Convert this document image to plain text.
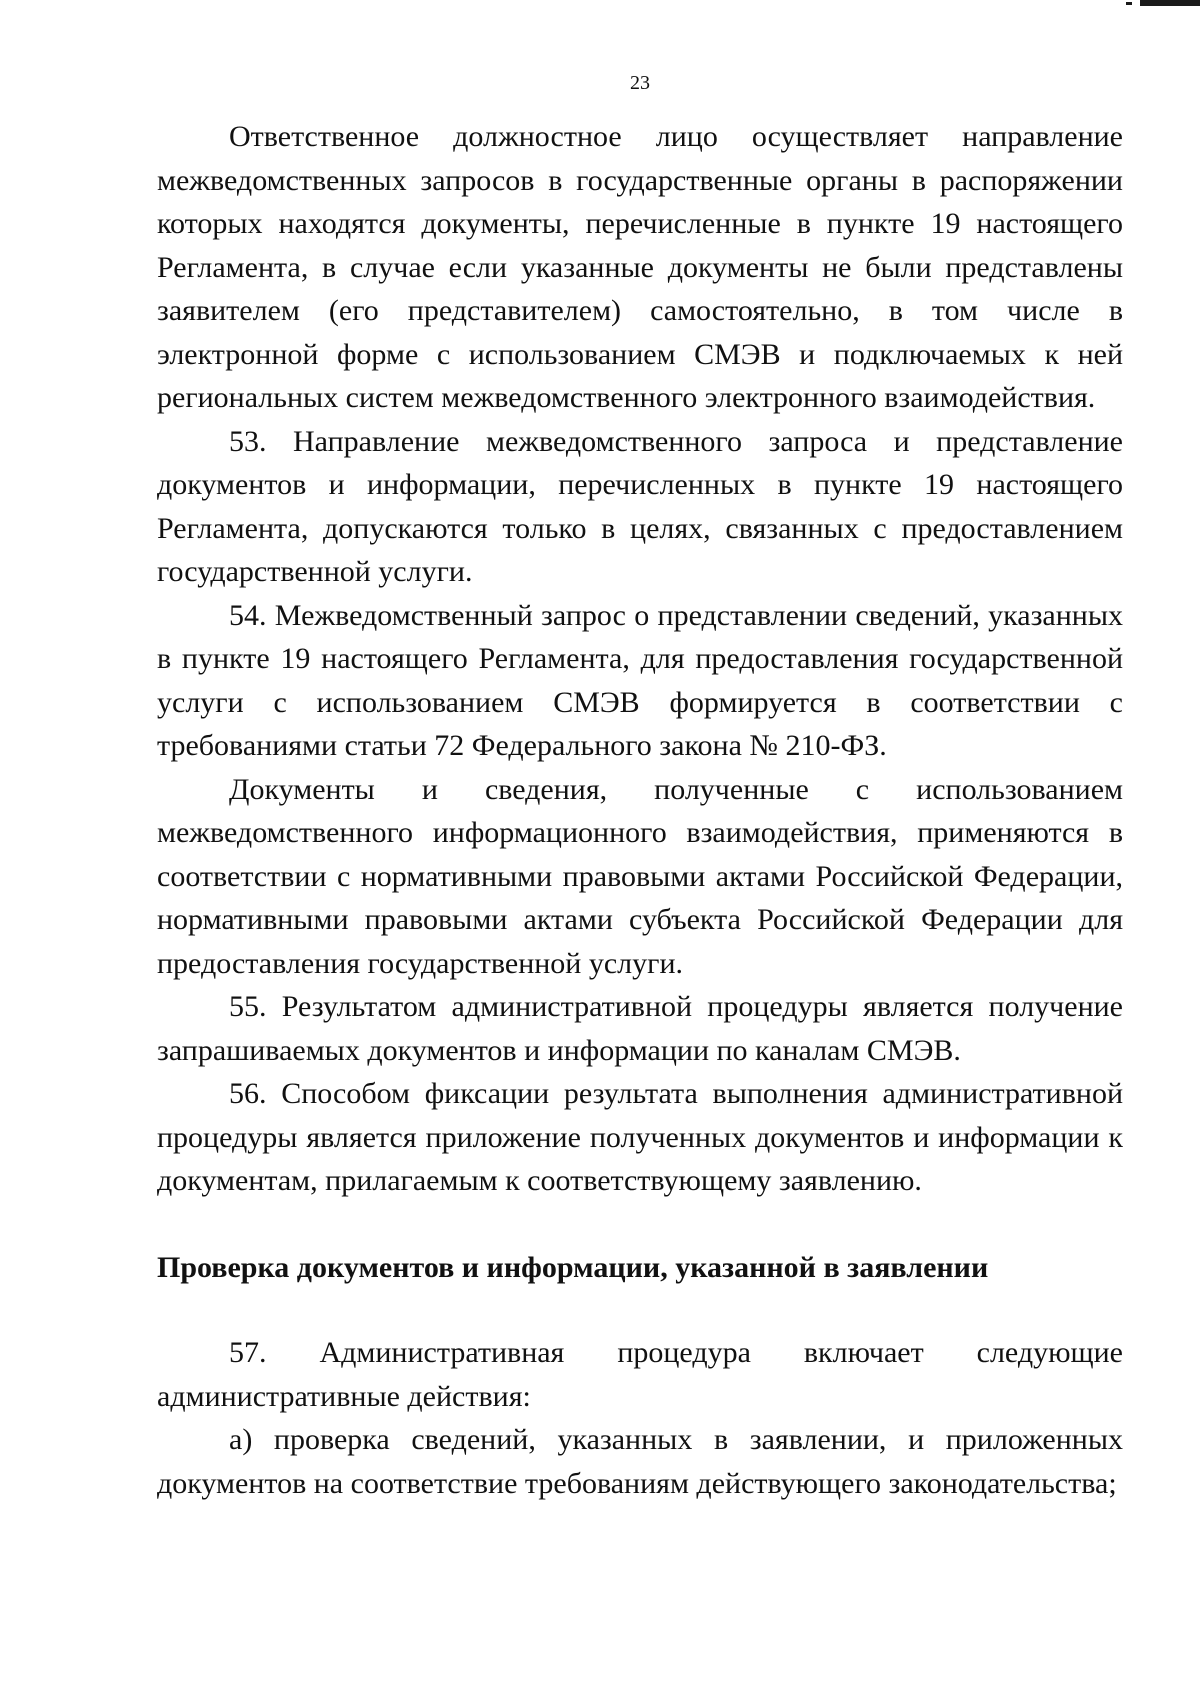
23

Ответственное должностное лицо осуществляет направление межведомственных запросов в государственные органы в распоряжении которых находятся документы, перечисленные в пункте 19 настоящего Регламента, в случае если указанные документы не были представлены заявителем (его представителем) самостоятельно, в том числе в электронной форме с использованием СМЭВ и подключаемых к ней региональных систем межведомственного электронного взаимодействия.

53. Направление межведомственного запроса и представление документов и информации, перечисленных в пункте 19 настоящего Регламента, допускаются только в целях, связанных с предоставлением государственной услуги.

54. Межведомственный запрос о представлении сведений, указанных в пункте 19 настоящего Регламента, для предоставления государственной услуги с использованием СМЭВ формируется в соответствии с требованиями статьи 72 Федерального закона № 210-ФЗ.

Документы и сведения, полученные с использованием межведомственного информационного взаимодействия, применяются в соответствии с нормативными правовыми актами Российской Федерации, нормативными правовыми актами субъекта Российской Федерации для предоставления государственной услуги.

55. Результатом административной процедуры является получение запрашиваемых документов и информации по каналам СМЭВ.

56. Способом фиксации результата выполнения административной процедуры является приложение полученных документов и информации к документам, прилагаемым к соответствующему заявлению.

Проверка документов и информации, указанной в заявлении

57. Административная процедура включает следующие административные действия:

а) проверка сведений, указанных в заявлении, и приложенных документов на соответствие требованиям действующего законодательства;
